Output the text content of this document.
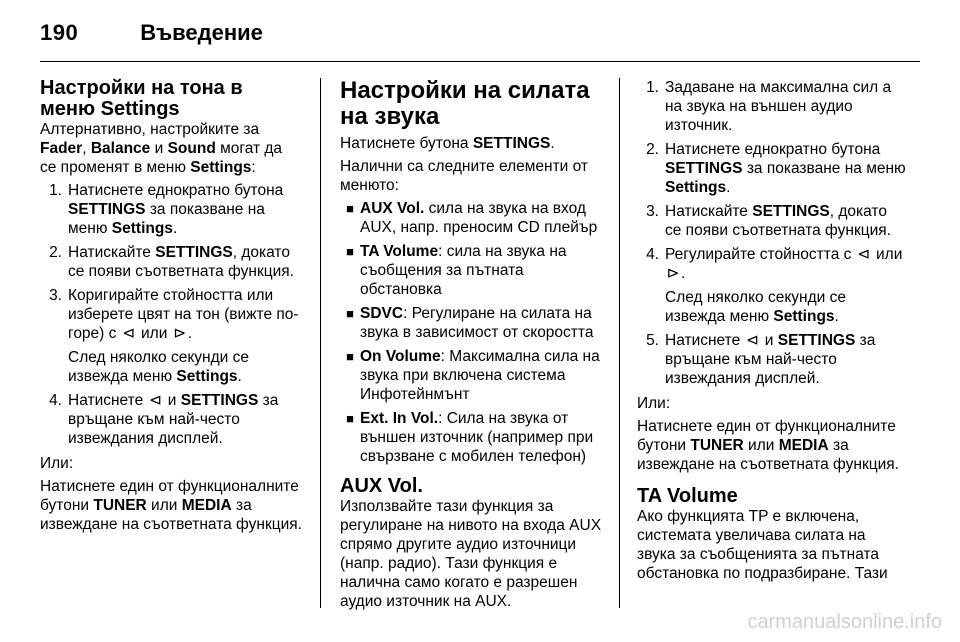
190	Въведение
Настройки на тона в меню Settings

Алтернативно, настройките за Fader, Balance и Sound могат да се променят в меню Settings:

1. Натиснете еднократно бутона SETTINGS за показване на меню Settings.
2. Натискайте SETTINGS, докато се появи съответната функция.
3. Коригирайте стойността или изберете цвят на тон (вижте по-горе) с ⊲ или ⊳.
След няколко секунди се извежда меню Settings.
4. Натиснете ⊲ и SETTINGS за връщане към най-често извеждания дисплей.

Или:

Натиснете един от функционалните бутони TUNER или MEDIA за извеждане на съответната функция.

Настройки на силата на звука

Натиснете бутона SETTINGS.

Налични са следните елементи от менюто:

■ AUX Vol. сила на звука на вход AUX, напр. преносим CD плейър
■ TA Volume: сила на звука на съобщения за пътната обстановка
■ SDVC: Регулиране на силата на звука в зависимост от скоростта
■ On Volume: Максимална сила на звука при включена система Инфотейнмънт
■ Ext. In Vol.: Сила на звука от външен източник (например при свързване с мобилен телефон)
AUX Vol.

Използвайте тази функция за регулиране на нивото на входа AUX спрямо другите аудио източници (напр. радио). Тази функция е налична само когато е разрешен аудио източник на AUX.

1. Задаване на максимална сил а на звука на външен аудио източник.
2. Натиснете еднократно бутона SETTINGS за показване на меню Settings.
3. Натискайте SETTINGS, докато се появи съответната функция.
4. Регулирайте стойността с ⊲ или ⊳.
След няколко секунди се извежда меню Settings.
5. Натиснете ⊲ и SETTINGS за връщане към най-често извеждания дисплей.

Или:

Натиснете един от функционалните бутони TUNER или MEDIA за извеждане на съответната функция.

TA Volume

Ако функцията TP е включена, системата увеличава силата на звука за съобщенията за пътната обстановка по подразбиране. Тази

carmanualsonline.info
